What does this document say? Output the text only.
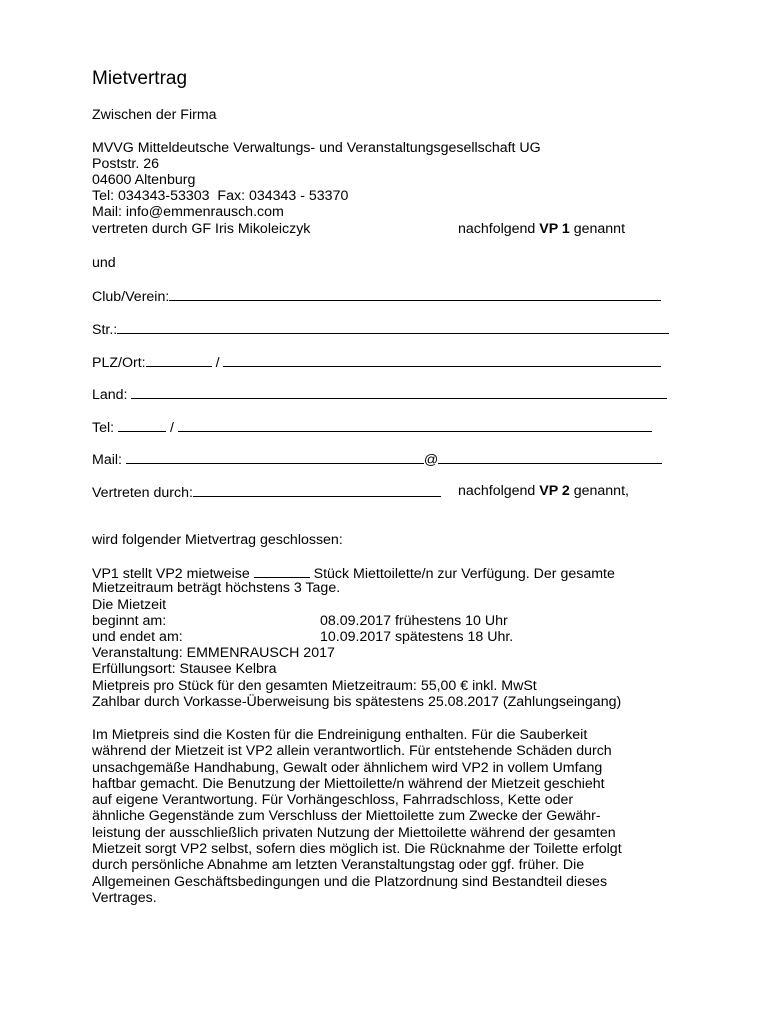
Mietvertrag
Zwischen der Firma
MVVG Mitteldeutsche Verwaltungs- und Veranstaltungsgesellschaft UG
Poststr. 26
04600 Altenburg
Tel: 034343-53303  Fax: 034343 - 53370
Mail: info@emmenrausch.com
vertreten durch GF Iris Mikoleiczyk	nachfolgend VP 1 genannt
und
Club/Verein:
Str.:
PLZ/Ort:	/
Land:
Tel:	/
Mail:	@
Vertreten durch:	nachfolgend VP 2 genannt,
wird folgender Mietvertrag geschlossen:
VP1 stellt VP2 mietweise	Stück Miettoilette/n zur Verfügung. Der gesamte
Mietzeitraum beträgt höchstens 3 Tage.
Die Mietzeit
beginnt am:	08.09.2017 frühestens 10 Uhr
und endet am:	10.09.2017 spätestens 18 Uhr.
Veranstaltung: EMMENRAUSCH 2017
Erfüllungsort: Stausee Kelbra
Mietpreis pro Stück für den gesamten Mietzeitraum: 55,00 € inkl. MwSt
Zahlbar durch Vorkasse-Überweisung bis spätestens 25.08.2017 (Zahlungseingang)
Im Mietpreis sind die Kosten für die Endreinigung enthalten. Für die Sauberkeit
während der Mietzeit ist VP2 allein verantwortlich. Für entstehende Schäden durch
unsachgemäße Handhabung, Gewalt oder ähnlichem wird VP2 in vollem Umfang
haftbar gemacht. Die Benutzung der Miettoilette/n während der Mietzeit geschieht
auf eigene Verantwortung. Für Vorhängeschloss, Fahrradschloss, Kette oder
ähnliche Gegenstände zum Verschluss der Miettoilette zum Zwecke der Gewähr-
leistung der ausschließlich privaten Nutzung der Miettoilette während der gesamten
Mietzeit sorgt VP2 selbst, sofern dies möglich ist. Die Rücknahme der Toilette erfolgt
durch persönliche Abnahme am letzten Veranstaltungstag oder ggf. früher. Die
Allgemeinen Geschäftsbedingungen und die Platzordnung sind Bestandteil dieses
Vertrages.
